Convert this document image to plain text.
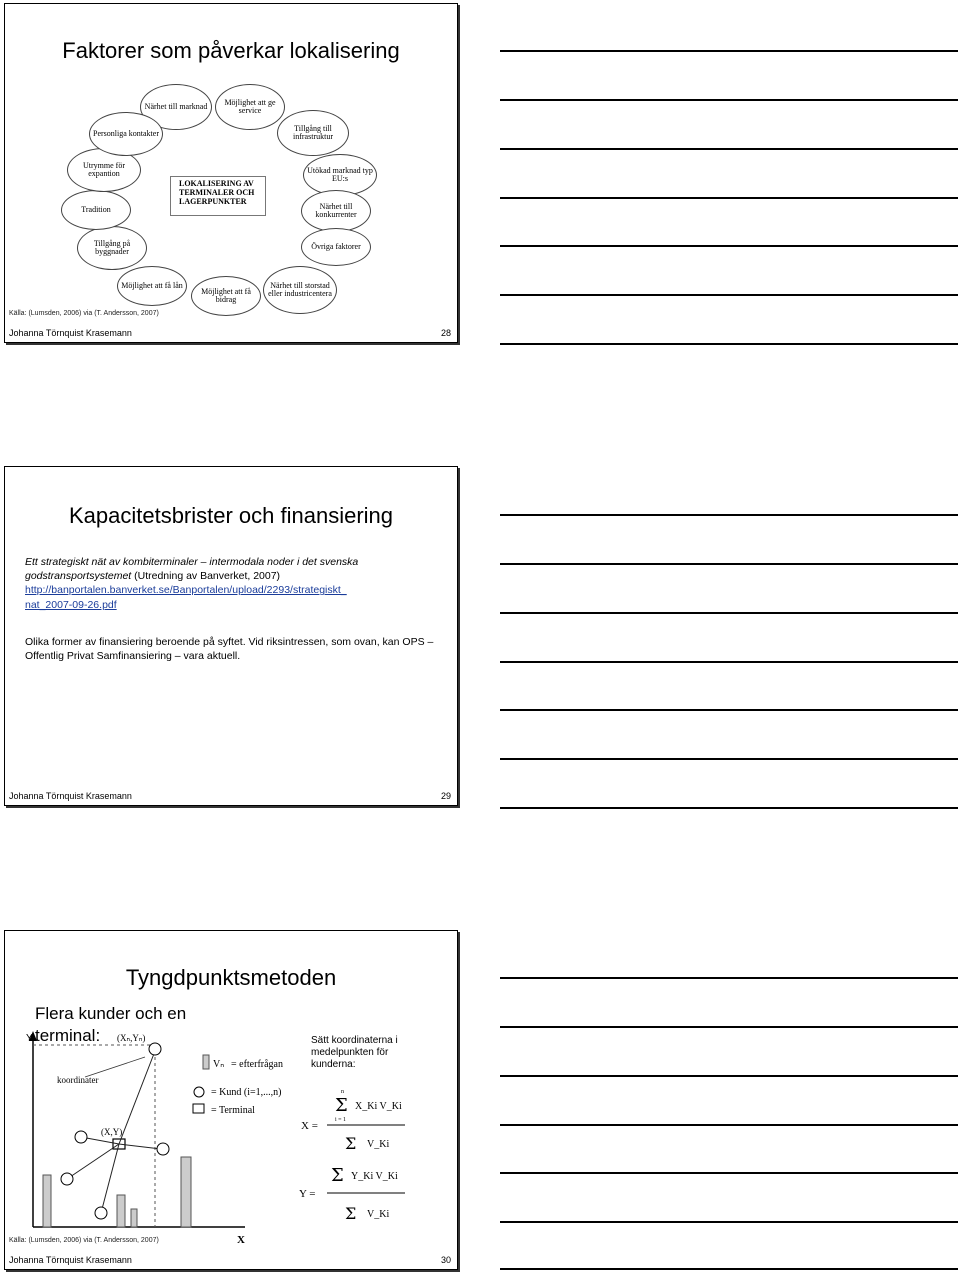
Faktorer som påverkar lokalisering
Närhet till marknad	Möjlighet att ge service
Tillgång till infrastruktur
Utökad marknad typ EU:s
Närhet till konkurrenter
Övriga faktorer
Närhet till storstad eller industricentera
Möjlighet att få bidrag
Möjlighet att få lån
Tillgång på byggnader
Tradition
Utrymme för expantion
Personliga kontakter
LOKALISERING AV TERMINALER OCH LAGERPUNKTER
Källa: (Lumsden, 2006) via (T. Andersson, 2007)
Johanna Törnquist Krasemann	28
Kapacitetsbrister och finansiering
Ett strategiskt nät av kombiterminaler – intermodala noder i det svenska godstransportsystemet (Utredning av Banverket, 2007)
http://banportalen.banverket.se/Banportalen/upload/2293/strategiskt_
nat_2007-09-26.pdf
Olika former av finansiering beroende på syftet. Vid riksintressen, som ovan, kan OPS – Offentlig Privat Samfinansiering – vara aktuell.
Johanna Törnquist Krasemann	29
Tyngdpunktsmetoden
Flera kunder och en
terminal:
Y
X
koordinater
(Xₙ,Yₙ)
(X,Y)
Vₙ = efterfrågan
= Kund (i=1,...,n)
= Terminal
X =
n
Σ X_Ki V_Ki
i = 1
Σ V_Ki
Y =
Σ Y_Ki V_Ki
Σ V_Ki
Sätt koordinaterna i medelpunkten för kunderna:
Källa: (Lumsden, 2006) via (T. Andersson, 2007)
Johanna Törnquist Krasemann	30
